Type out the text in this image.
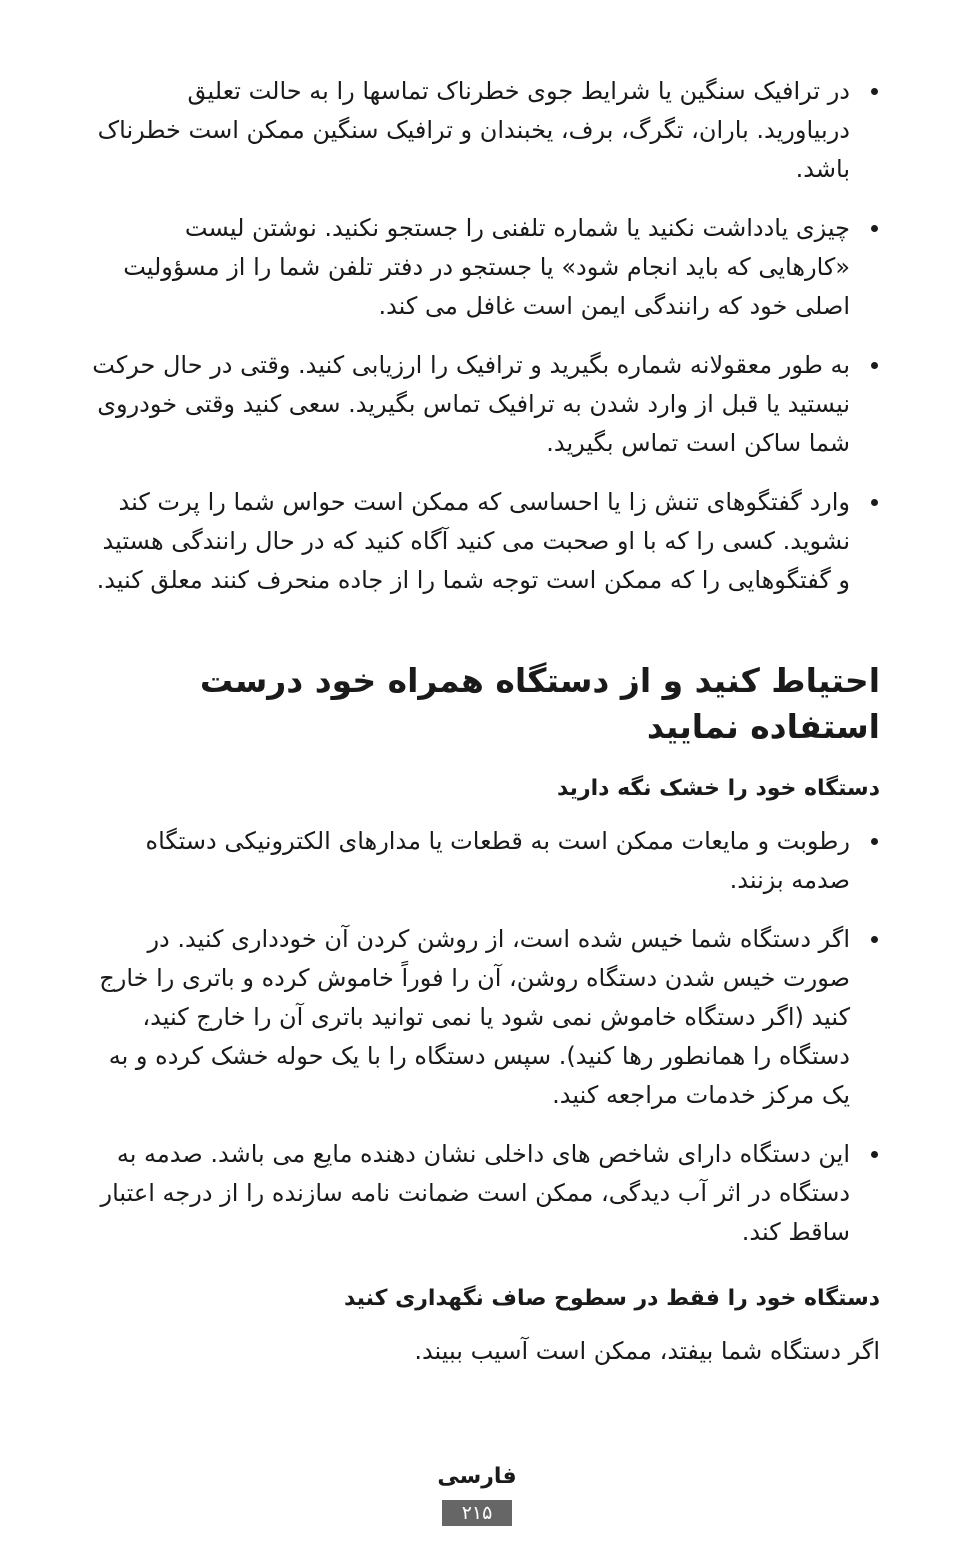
در ترافیک سنگین یا شرایط جوی خطرناک تماسها را به حالت تعلیق دربیاورید. باران، تگرگ، برف، یخبندان و ترافیک سنگین ممکن است خطرناک باشد.
چیزی یادداشت نکنید یا شماره تلفنی را جستجو نکنید. نوشتن لیست «کارهایی که باید انجام شود» یا جستجو در دفتر تلفن شما را از مسؤولیت اصلی خود که رانندگی ایمن است غافل می کند.
به طور معقولانه شماره بگیرید و ترافیک را ارزیابی کنید. وقتی در حال حرکت نیستید یا قبل از وارد شدن به ترافیک تماس بگیرید. سعی کنید وقتی خودروی شما ساکن است تماس بگیرید.
وارد گفتگوهای تنش زا یا احساسی که ممکن است حواس شما را پرت کند نشوید. کسی را که با او صحبت می کنید آگاه کنید که در حال رانندگی هستید و گفتگوهایی را که ممکن است توجه شما را از جاده منحرف کنند معلق کنید.
احتیاط کنید و از دستگاه همراه خود درست استفاده نمایید
دستگاه خود را خشک نگه دارید
رطوبت و مایعات ممکن است به قطعات یا مدارهای الکترونیکی دستگاه صدمه بزنند.
اگر دستگاه شما خیس شده است، از روشن کردن آن خودداری کنید. در صورت خیس شدن دستگاه روشن، آن را فوراً خاموش کرده و باتری را خارج کنید (اگر دستگاه خاموش نمی شود یا نمی توانید باتری آن را خارج کنید، دستگاه را همانطور رها کنید). سپس دستگاه را با یک حوله خشک کرده و به یک مرکز خدمات مراجعه کنید.
این دستگاه دارای شاخص های داخلی نشان دهنده مایع می باشد. صدمه به دستگاه در اثر آب دیدگی، ممکن است ضمانت نامه سازنده را از درجه اعتبار ساقط کند.
دستگاه خود را فقط در سطوح صاف نگهداری کنید

اگر دستگاه شما بیفتد، ممکن است آسیب ببیند.

فارسی
۲۱۵
